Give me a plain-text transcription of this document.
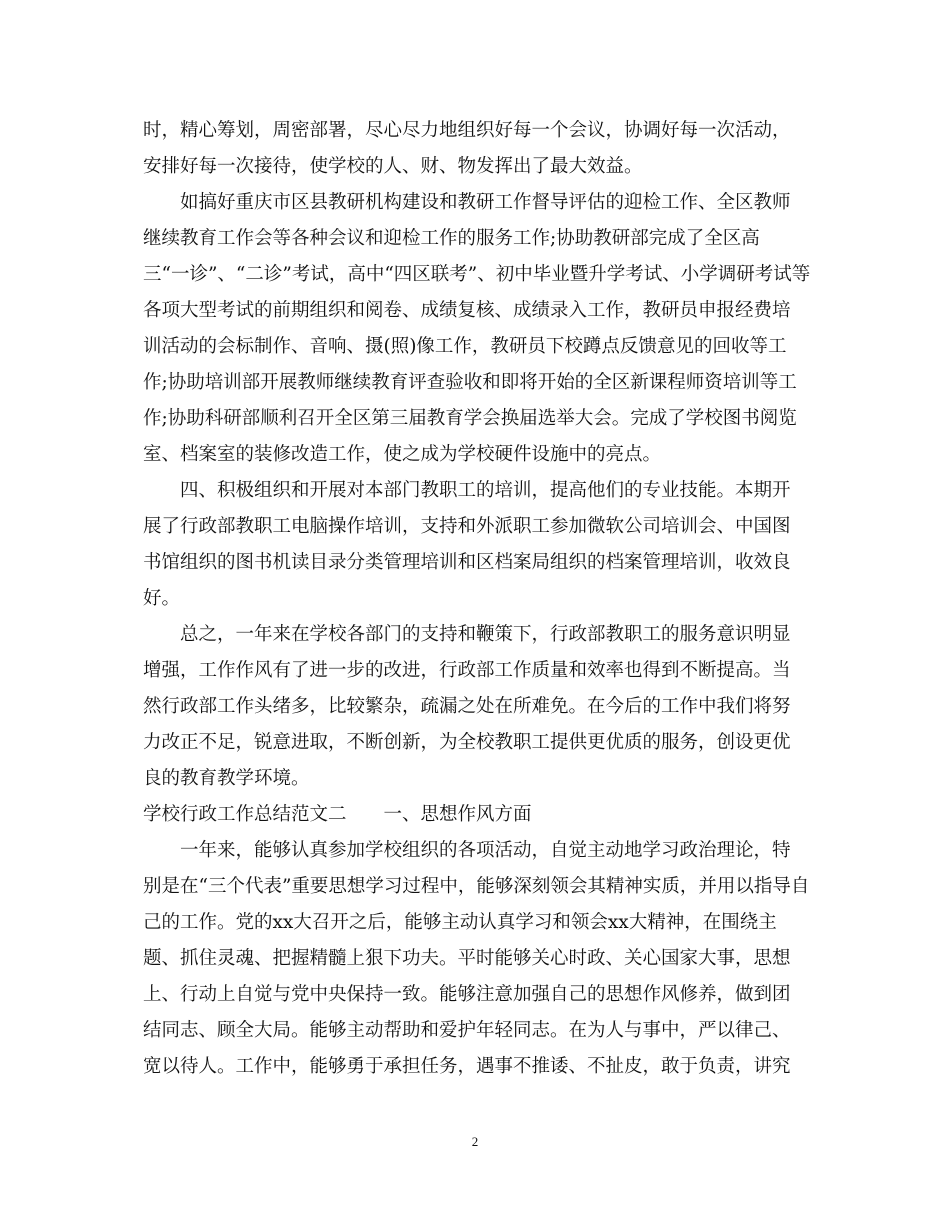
时，精心筹划，周密部署，尽心尽力地组织好每一个会议，协调好每一次活动，
安排好每一次接待，使学校的人、财、物发挥出了最大效益。
　　如搞好重庆市区县教研机构建设和教研工作督导评估的迎检工作、全区教师
继续教育工作会等各种会议和迎检工作的服务工作;协助教研部完成了全区高
三“一诊”、“二诊”考试，高中“四区联考”、初中毕业暨升学考试、小学调研考试等
各项大型考试的前期组织和阅卷、成绩复核、成绩录入工作，教研员申报经费培
训活动的会标制作、音响、摄(照)像工作，教研员下校蹲点反馈意见的回收等工
作;协助培训部开展教师继续教育评查验收和即将开始的全区新课程师资培训等工
作;协助科研部顺利召开全区第三届教育学会换届选举大会。完成了学校图书阅览
室、档案室的装修改造工作，使之成为学校硬件设施中的亮点。
　　四、积极组织和开展对本部门教职工的培训，提高他们的专业技能。本期开
展了行政部教职工电脑操作培训，支持和外派职工参加微软公司培训会、中国图
书馆组织的图书机读目录分类管理培训和区档案局组织的档案管理培训，收效良
好。
　　总之，一年来在学校各部门的支持和鞭策下，行政部教职工的服务意识明显
增强，工作作风有了进一步的改进，行政部工作质量和效率也得到不断提高。当
然行政部工作头绪多，比较繁杂，疏漏之处在所难免。在今后的工作中我们将努
力改正不足，锐意进取，不断创新，为全校教职工提供更优质的服务，创设更优
良的教育教学环境。
学校行政工作总结范文二　　一、思想作风方面
　　一年来，能够认真参加学校组织的各项活动，自觉主动地学习政治理论，特
别是在“三个代表”重要思想学习过程中，能够深刻领会其精神实质，并用以指导自
己的工作。党的xx大召开之后，能够主动认真学习和领会xx大精神，在围绕主
题、抓住灵魂、把握精髓上狠下功夫。平时能够关心时政、关心国家大事，思想
上、行动上自觉与党中央保持一致。能够注意加强自己的思想作风修养，做到团
结同志、顾全大局。能够主动帮助和爱护年轻同志。在为人与事中，严以律己、
宽以待人。工作中，能够勇于承担任务，遇事不推诿、不扯皮，敢于负责，讲究
2
